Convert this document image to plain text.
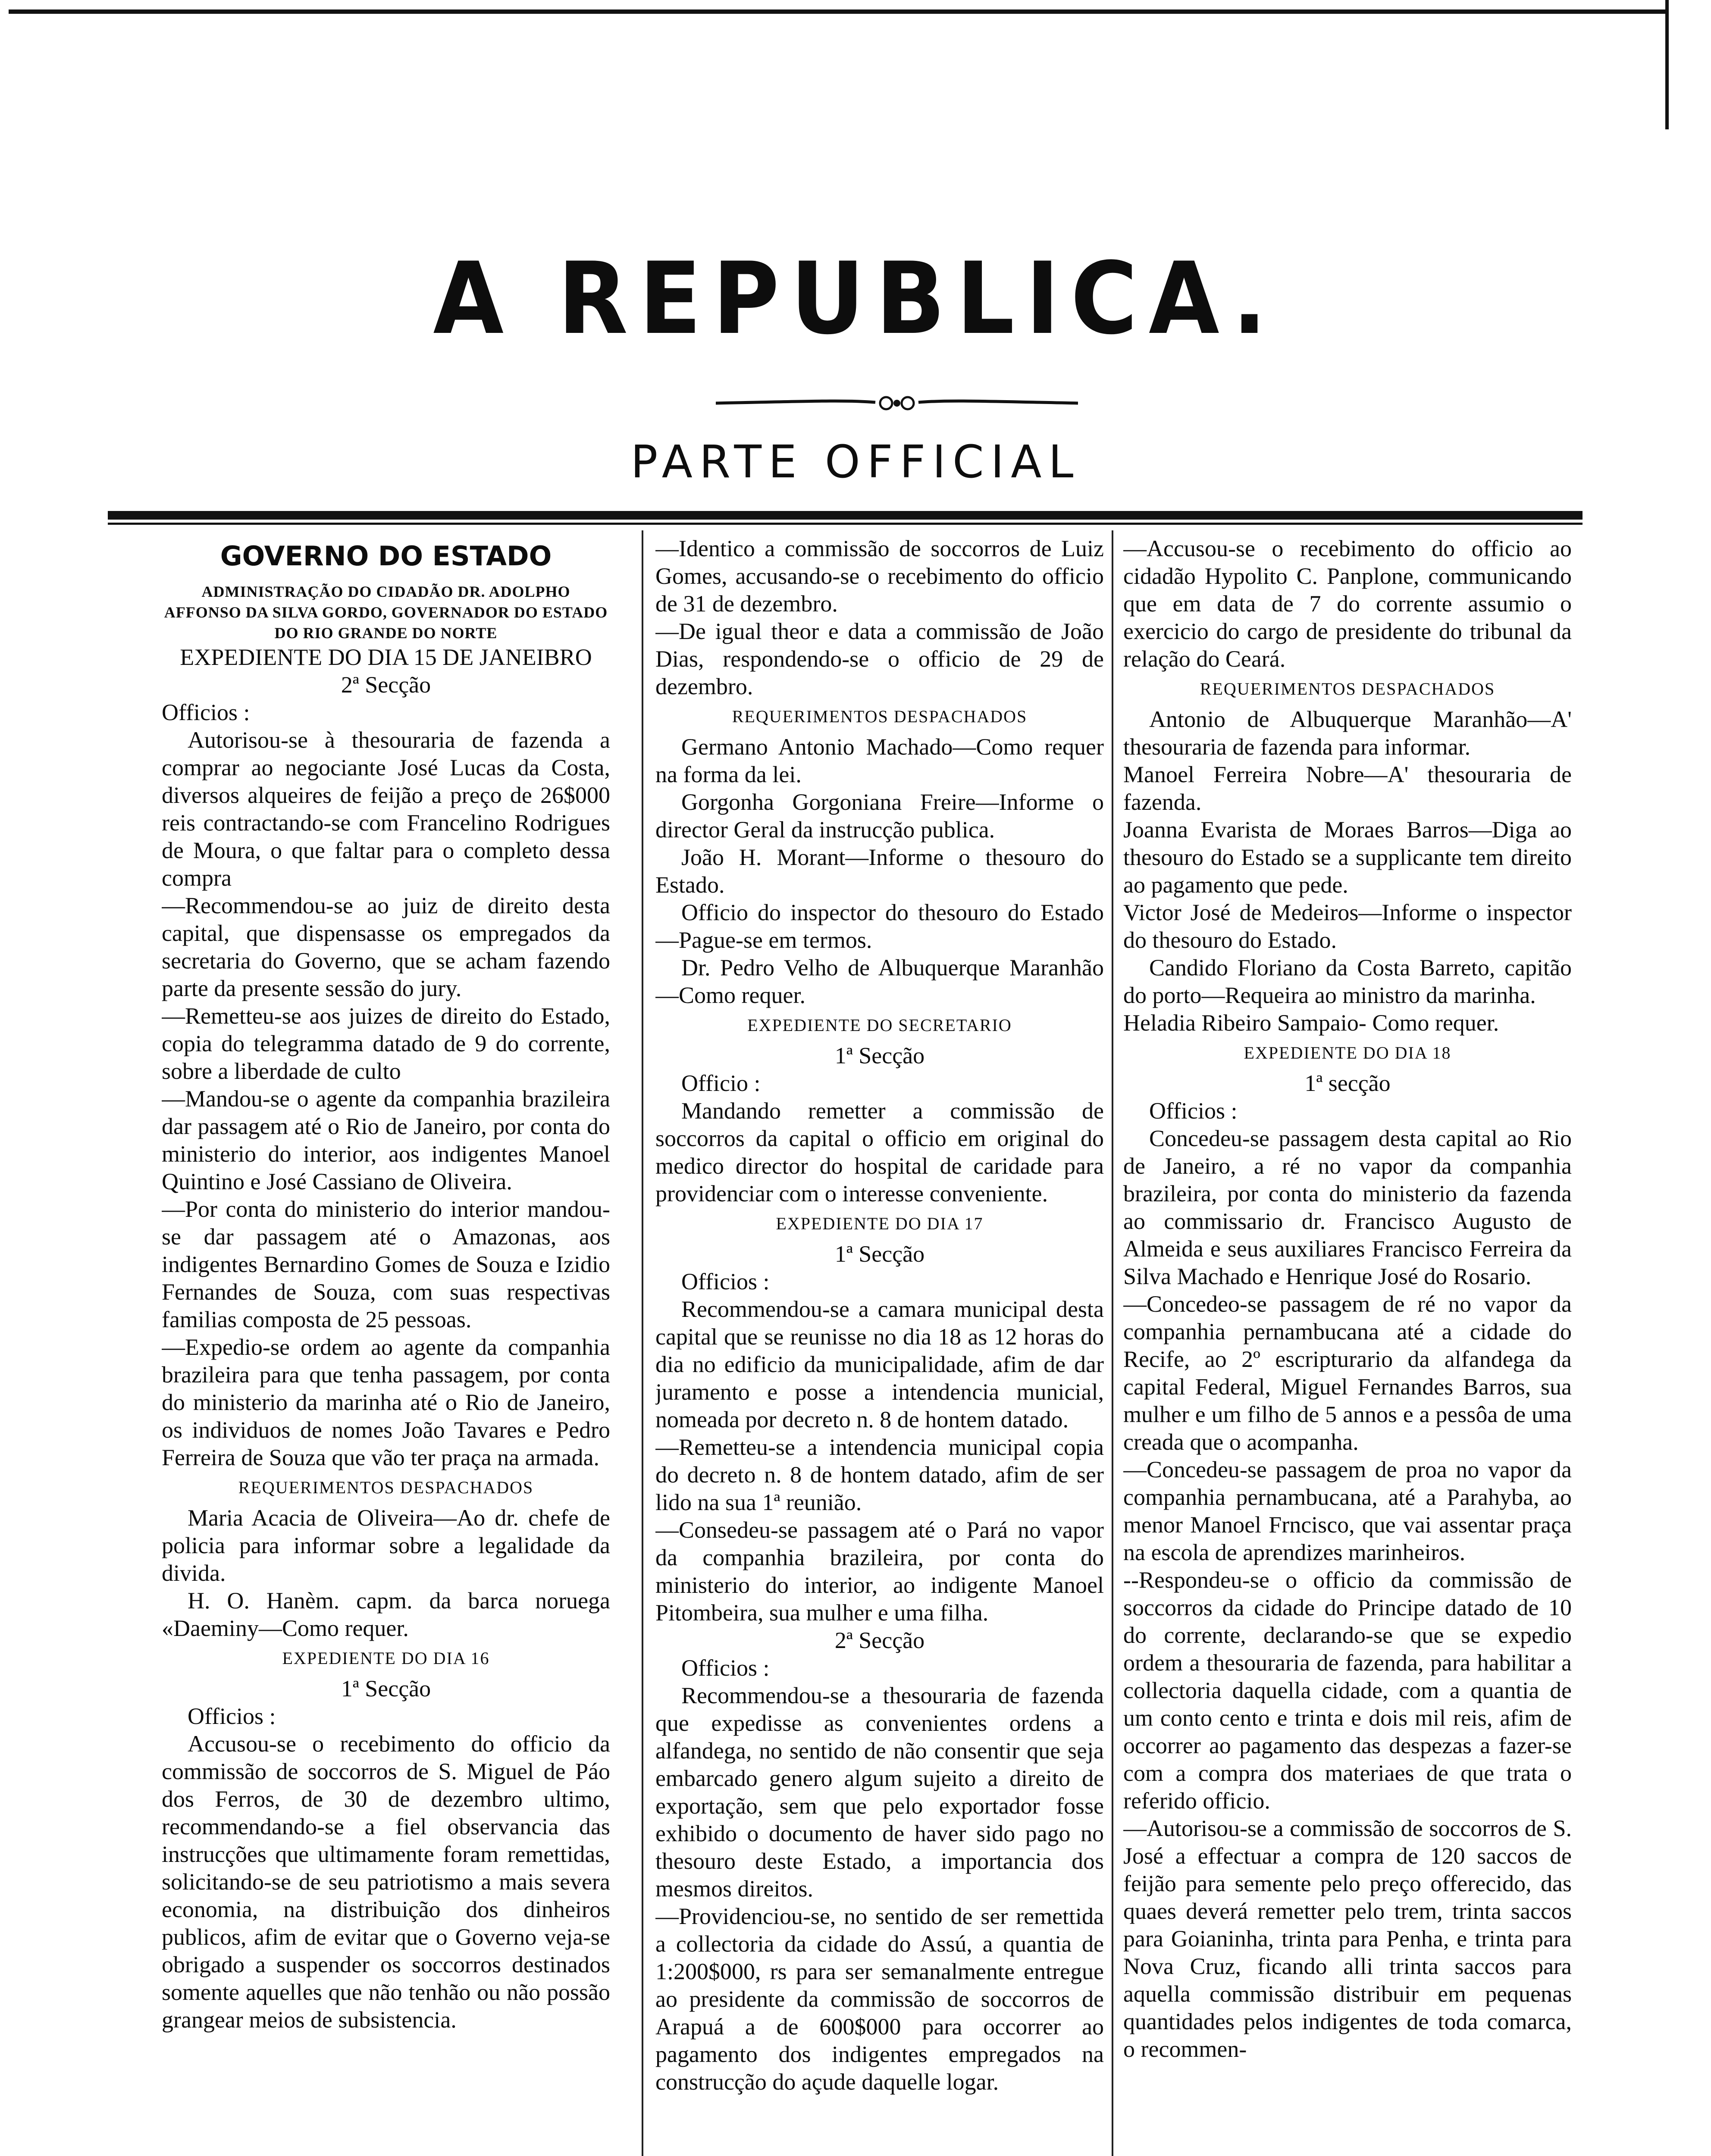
A REPUBLICA.
PARTE OFFICIAL

GOVERNO DO ESTADO

ADMINISTRAÇÃO DO CIDADÃO DR. ADOLPHO AFFONSO DA SILVA GORDO, GOVERNADOR DO ESTADO DO RIO GRANDE DO NORTE

EXPEDIENTE DO DIA 15 DE JANEIBRO

2ª Secção

Officios :

Autorisou-se à thesouraria de fazenda a comprar ao negociante José Lucas da Costa, diversos alqueires de feijão a preço de 26$000 reis contractando-se com Francelino Rodrigues de Moura, o que faltar para o completo dessa compra

—Recommendou-se ao juiz de direito desta capital, que dispensasse os empregados da secretaria do Governo, que se acham fazendo parte da presente sessão do jury.

—Remetteu-se aos juizes de direito do Estado, copia do telegramma datado de 9 do corrente, sobre a liberdade de culto

—Mandou-se o agente da companhia brazileira dar passagem até o Rio de Janeiro, por conta do ministerio do interior, aos indigentes Manoel Quintino e José Cassiano de Oliveira.

—Por conta do ministerio do interior mandou-se dar passagem até o Amazonas, aos indigentes Bernardino Gomes de Souza e Izidio Fernandes de Souza, com suas respectivas familias composta de 25 pessoas.

—Expedio-se ordem ao agente da companhia brazileira para que tenha passagem, por conta do ministerio da marinha até o Rio de Janeiro, os individuos de nomes João Tavares e Pedro Ferreira de Souza que vão ter praça na armada.

REQUERIMENTOS DESPACHADOS

Maria Acacia de Oliveira—Ao dr. chefe de policia para informar sobre a legalidade da divida.

H. O. Hanèm. capm. da barca noruega «Daeminy—Como requer.

EXPEDIENTE DO DIA 16

1ª Secção

Officios :

Accusou-se o recebimento do officio da commissão de soccorros de S. Miguel de Páo dos Ferros, de 30 de dezembro ultimo, recommendando-se a fiel observancia das instrucções que ultimamente foram remettidas, solicitando-se de seu patriotismo a mais severa economia, na distribuição dos dinheiros publicos, afim de evitar que o Governo veja-se obrigado a suspender os soccorros destinados somente aquelles que não tenhão ou não possão grangear meios de subsistencia.

—Identico a commissão de soccorros de Luiz Gomes, accusando-se o recebimento do officio de 31 de dezembro.

—De igual theor e data a commissão de João Dias, respondendo-se o officio de 29 de dezembro.

REQUERIMENTOS DESPACHADOS

Germano Antonio Machado—Como requer na forma da lei.

Gorgonha Gorgoniana Freire—Informe o director Geral da instrucção publica.

João H. Morant—Informe o thesouro do Estado.

Officio do inspector do thesouro do Estado—Pague-se em termos.

Dr. Pedro Velho de Albuquerque Maranhão—Como requer.

EXPEDIENTE DO SECRETARIO

1ª Secção

Officio :

Mandando remetter a commissão de soccorros da capital o officio em original do medico director do hospital de caridade para providenciar com o interesse conveniente.

EXPEDIENTE DO DIA 17

1ª Secção

Officios :

Recommendou-se a camara municipal desta capital que se reunisse no dia 18 as 12 horas do dia no edificio da municipalidade, afim de dar juramento e posse a intendencia municial, nomeada por decreto n. 8 de hontem datado.

—Remetteu-se a intendencia municipal copia do decreto n. 8 de hontem datado, afim de ser lido na sua 1ª reunião.

—Consedeu-se passagem até o Pará no vapor da companhia brazileira, por conta do ministerio do interior, ao indigente Manoel Pitombeira, sua mulher e uma filha.

2ª Secção

Officios :

Recommendou-se a thesouraria de fazenda que expedisse as convenientes ordens a alfandega, no sentido de não consentir que seja embarcado genero algum sujeito a direito de exportação, sem que pelo exportador fosse exhibido o documento de haver sido pago no thesouro deste Estado, a importancia dos mesmos direitos.

—Providenciou-se, no sentido de ser remettida a collectoria da cidade do Assú, a quantia de 1:200$000, rs para ser semanalmente entregue ao presidente da commissão de soccorros de Arapuá a de 600$000 para occorrer ao pagamento dos indigentes empregados na construcção do açude daquelle logar.

—Accusou-se o recebimento do officio ao cidadão Hypolito C. Panplone, communicando que em data de 7 do corrente assumio o exercicio do cargo de presidente do tribunal da relação do Ceará.

REQUERIMENTOS DESPACHADOS

Antonio de Albuquerque Maranhão—A' thesouraria de fazenda para informar.

Manoel Ferreira Nobre—A' thesouraria de fazenda.

Joanna Evarista de Moraes Barros—Diga ao thesouro do Estado se a supplicante tem direito ao pagamento que pede.

Victor José de Medeiros—Informe o inspector do thesouro do Estado.

Candido Floriano da Costa Barreto, capitão do porto—Requeira ao ministro da marinha.

Heladia Ribeiro Sampaio- Como requer.

EXPEDIENTE DO DIA 18

1ª secção

Officios :

Concedeu-se passagem desta capital ao Rio de Janeiro, a ré no vapor da companhia brazileira, por conta do ministerio da fazenda ao commissario dr. Francisco Augusto de Almeida e seus auxiliares Francisco Ferreira da Silva Machado e Henrique José do Rosario.

—Concedeo-se passagem de ré no vapor da companhia pernambucana até a cidade do Recife, ao 2º escripturario da alfandega da capital Federal, Miguel Fernandes Barros, sua mulher e um filho de 5 annos e a pessôa de uma creada que o acompanha.

—Concedeu-se passagem de proa no vapor da companhia pernambucana, até a Parahyba, ao menor Manoel Frncisco, que vai assentar praça na escola de aprendizes marinheiros.

--Respondeu-se o officio da commissão de soccorros da cidade do Principe datado de 10 do corrente, declarando-se que se expedio ordem a thesouraria de fazenda, para habilitar a collectoria daquella cidade, com a quantia de um conto cento e trinta e dois mil reis, afim de occorrer ao pagamento das despezas a fazer-se com a compra dos materiaes de que trata o referido officio.

—Autorisou-se a commissão de soccorros de S. José a effectuar a compra de 120 saccos de feijão para semente pelo preço offerecido, das quaes deverá remetter pelo trem, trinta saccos para Goianinha, trinta para Penha, e trinta para Nova Cruz, ficando alli trinta saccos para aquella commissão distribuir em pequenas quantidades pelos indigentes de toda comarca, o recommen-
